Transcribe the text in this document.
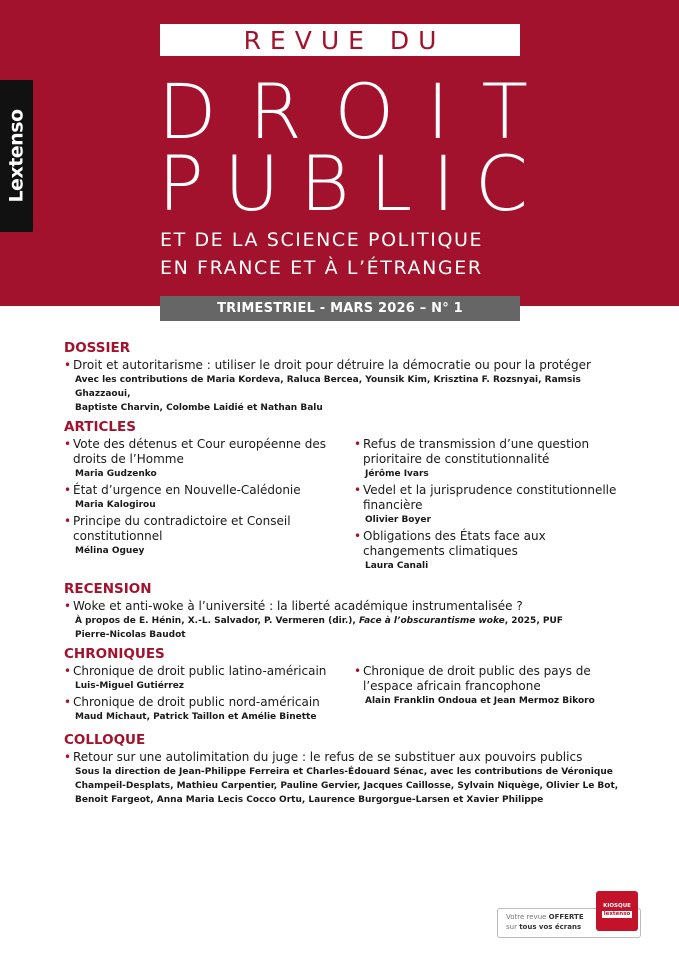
Lextenso
REVUE DU
D R O I T
P U B L I C
ET DE LA SCIENCE POLITIQUE
EN FRANCE ET À L’ÉTRANGER
TRIMESTRIEL - MARS 2026 – N° 1
DOSSIER
• Droit et autoritarisme : utiliser le droit pour détruire la démocratie ou pour la protéger
Avec les contributions de Maria Kordeva, Raluca Bercea, Younsik Kim, Krisztina F. Rozsnyai, Ramsis Ghazzaoui,
Baptiste Charvin, Colombe Laidié et Nathan Balu
ARTICLES
• Vote des détenus et Cour européenne des droits de l’Homme
Maria Gudzenko
• État d’urgence en Nouvelle-Calédonie
Maria Kalogirou
• Principe du contradictoire et Conseil constitutionnel
Mélina Oguey
• Refus de transmission d’une question prioritaire de constitutionnalité
Jérôme Ivars
• Vedel et la jurisprudence constitutionnelle financière
Olivier Boyer
• Obligations des États face aux changements climatiques
Laura Canali
RECENSION
• Woke et anti-woke à l’université : la liberté académique instrumentalisée ?
À propos de E. Hénin, X.-L. Salvador, P. Vermeren (dir.), Face à l’obscurantisme woke, 2025, PUF
Pierre-Nicolas Baudot
CHRONIQUES
• Chronique de droit public latino-américain
Luis-Miguel Gutiérrez
• Chronique de droit public nord-américain
Maud Michaut, Patrick Taillon et Amélie Binette
• Chronique de droit public des pays de l’espace africain francophone
Alain Franklin Ondoua et Jean Mermoz Bikoro
COLLOQUE
• Retour sur une autolimitation du juge : le refus de se substituer aux pouvoirs publics
Sous la direction de Jean-Philippe Ferreira et Charles-Édouard Sénac, avec les contributions de Véronique
Champeil-Desplats, Mathieu Carpentier, Pauline Gervier, Jacques Caillosse, Sylvain Niquège, Olivier Le Bot,
Benoit Fargeot, Anna Maria Lecis Cocco Ortu, Laurence Burgorgue-Larsen et Xavier Philippe
Votre revue OFFERTE
sur tous vos écrans
KIOSQUE
lextenso
